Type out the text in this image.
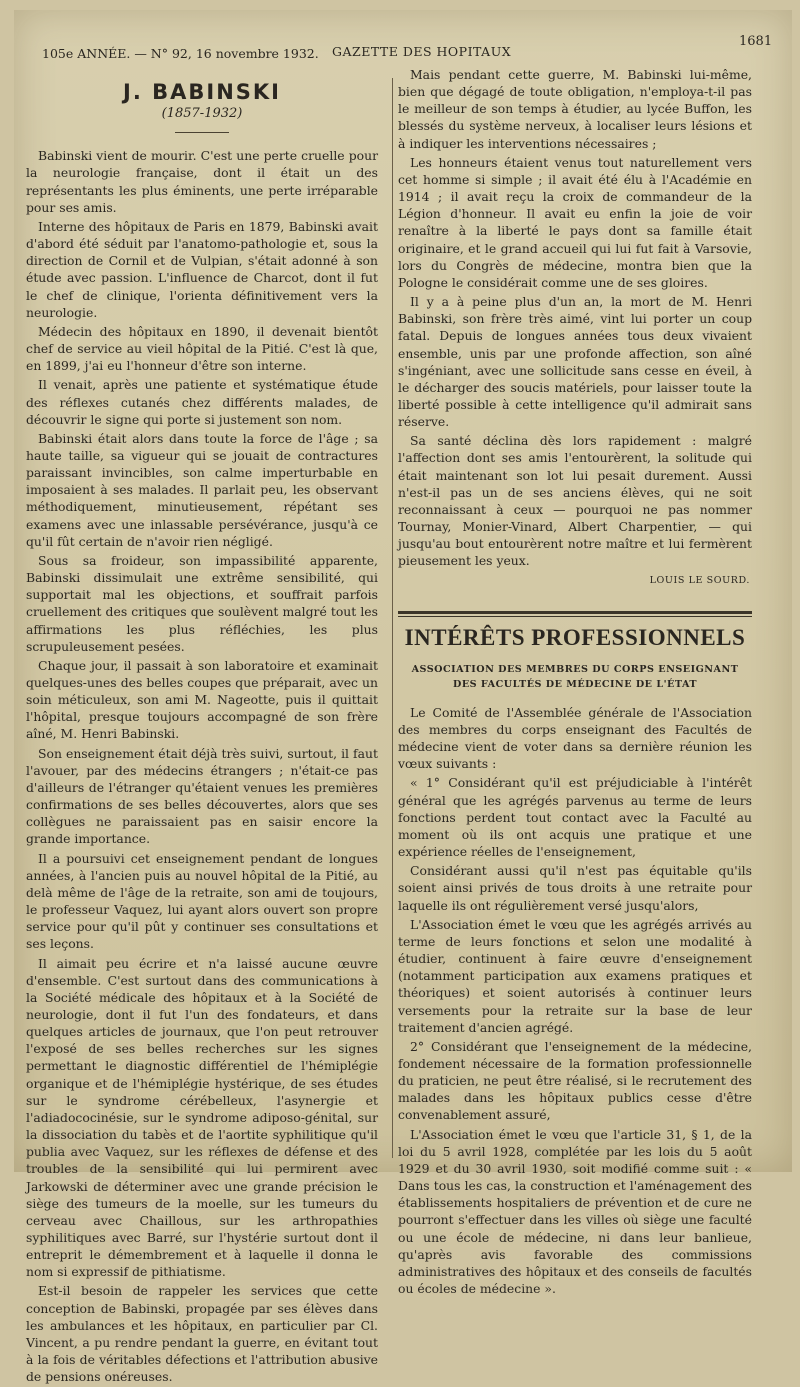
105e ANNÉE. — N° 92, 16 novembre 1932. GAZETTE DES HOPITAUX
1681
J. BABINSKI
(1857-1932)

Babinski vient de mourir. C'est une perte cruelle pour la neurologie française, dont il était un des représentants les plus éminents, une perte irréparable pour ses amis.

Interne des hôpitaux de Paris en 1879, Babinski avait d'abord été séduit par l'anatomo-pathologie et, sous la direction de Cornil et de Vulpian, s'était adonné à son étude avec passion. L'influence de Charcot, dont il fut le chef de clinique, l'orienta définitivement vers la neurologie.

Médecin des hôpitaux en 1890, il devenait bientôt chef de service au vieil hôpital de la Pitié. C'est là que, en 1899, j'ai eu l'honneur d'être son interne.

Il venait, après une patiente et systématique étude des réflexes cutanés chez différents malades, de découvrir le signe qui porte si justement son nom.

Babinski était alors dans toute la force de l'âge ; sa haute taille, sa vigueur qui se jouait de contractures paraissant invincibles, son calme imperturbable en imposaient à ses malades. Il parlait peu, les observant méthodiquement, minutieusement, répétant ses examens avec une inlassable persévérance, jusqu'à ce qu'il fût certain de n'avoir rien négligé.

Sous sa froideur, son impassibilité apparente, Babinski dissimulait une extrême sensibilité, qui supportait mal les objections, et souffrait parfois cruellement des critiques que soulèvent malgré tout les affirmations les plus réfléchies, les plus scrupuleusement pesées.

Chaque jour, il passait à son laboratoire et examinait quelques-unes des belles coupes que préparait, avec un soin méticuleux, son ami M. Nageotte, puis il quittait l'hôpital, presque toujours accompagné de son frère aîné, M. Henri Babinski.

Son enseignement était déjà très suivi, surtout, il faut l'avouer, par des médecins étrangers ; n'était-ce pas d'ailleurs de l'étranger qu'étaient venues les premières confirmations de ses belles découvertes, alors que ses collègues ne paraissaient pas en saisir encore la grande importance.

Il a poursuivi cet enseignement pendant de longues années, à l'ancien puis au nouvel hôpital de la Pitié, au delà même de l'âge de la retraite, son ami de toujours, le professeur Vaquez, lui ayant alors ouvert son propre service pour qu'il pût y continuer ses consultations et ses leçons.

Il aimait peu écrire et n'a laissé aucune œuvre d'ensemble. C'est surtout dans des communications à la Société médicale des hôpitaux et à la Société de neurologie, dont il fut l'un des fondateurs, et dans quelques articles de journaux, que l'on peut retrouver l'exposé de ses belles recherches sur les signes permettant le diagnostic différentiel de l'hémiplégie organique et de l'hémiplégie hystérique, de ses études sur le syndrome cérébelleux, l'asynergie et l'adiadococinésie, sur le syndrome adiposo-génital, sur la dissociation du tabès et de l'aortite syphilitique qu'il publia avec Vaquez, sur les réflexes de défense et des troubles de la sensibilité qui lui permirent avec Jarkowski de déterminer avec une grande précision le siège des tumeurs de la moelle, sur les tumeurs du cerveau avec Chaillous, sur les arthropathies syphilitiques avec Barré, sur l'hystérie surtout dont il entreprit le démembrement et à laquelle il donna le nom si expressif de pithiatisme.

Est-il besoin de rappeler les services que cette conception de Babinski, propagée par ses élèves dans les ambulances et les hôpitaux, en particulier par Cl. Vincent, a pu rendre pendant la guerre, en évitant tout à la fois de véritables défections et l'attribution abusive de pensions onéreuses.

Mais pendant cette guerre, M. Babinski lui-même, bien que dégagé de toute obligation, n'employa-t-il pas le meilleur de son temps à étudier, au lycée Buffon, les blessés du système nerveux, à localiser leurs lésions et à indiquer les interventions nécessaires ;

Les honneurs étaient venus tout naturellement vers cet homme si simple ; il avait été élu à l'Académie en 1914 ; il avait reçu la croix de commandeur de la Légion d'honneur. Il avait eu enfin la joie de voir renaître à la liberté le pays dont sa famille était originaire, et le grand accueil qui lui fut fait à Varsovie, lors du Congrès de médecine, montra bien que la Pologne le considérait comme une de ses gloires.

Il y a à peine plus d'un an, la mort de M. Henri Babinski, son frère très aimé, vint lui porter un coup fatal. Depuis de longues années tous deux vivaient ensemble, unis par une profonde affection, son aîné s'ingéniant, avec une sollicitude sans cesse en éveil, à le décharger des soucis matériels, pour laisser toute la liberté possible à cette intelligence qu'il admirait sans réserve.

Sa santé déclina dès lors rapidement : malgré l'affection dont ses amis l'entourèrent, la solitude qui était maintenant son lot lui pesait durement. Aussi n'est-il pas un de ses anciens élèves, qui ne soit reconnaissant à ceux — pourquoi ne pas nommer Tournay, Monier-Vinard, Albert Charpentier, — qui jusqu'au bout entourèrent notre maître et lui fermèrent pieusement les yeux.

LOUIS LE SOURD.
INTÉRÊTS PROFESSIONNELS
ASSOCIATION DES MEMBRES DU CORPS ENSEIGNANT
DES FACULTÉS DE MÉDECINE DE L'ÉTAT

Le Comité de l'Assemblée générale de l'Association des membres du corps enseignant des Facultés de médecine vient de voter dans sa dernière réunion les vœux suivants :

« 1° Considérant qu'il est préjudiciable à l'intérêt général que les agrégés parvenus au terme de leurs fonctions perdent tout contact avec la Faculté au moment où ils ont acquis une pratique et une expérience réelles de l'enseignement,

Considérant aussi qu'il n'est pas équitable qu'ils soient ainsi privés de tous droits à une retraite pour laquelle ils ont régulièrement versé jusqu'alors,

L'Association émet le vœu que les agrégés arrivés au terme de leurs fonctions et selon une modalité à étudier, continuent à faire œuvre d'enseignement (notamment participation aux examens pratiques et théoriques) et soient autorisés à continuer leurs versements pour la retraite sur la base de leur traitement d'ancien agrégé.

2° Considérant que l'enseignement de la médecine, fondement nécessaire de la formation professionnelle du praticien, ne peut être réalisé, si le recrutement des malades dans les hôpitaux publics cesse d'être convenablement assuré,

L'Association émet le vœu que l'article 31, § 1, de la loi du 5 avril 1928, complétée par les lois du 5 août 1929 et du 30 avril 1930, soit modifié comme suit : « Dans tous les cas, la construction et l'aménagement des établissements hospitaliers de prévention et de cure ne pourront s'effectuer dans les villes où siège une faculté ou une école de médecine, ni dans leur banlieue, qu'après avis favorable des commissions administratives des hôpitaux et des conseils de facultés ou écoles de médecine ».
